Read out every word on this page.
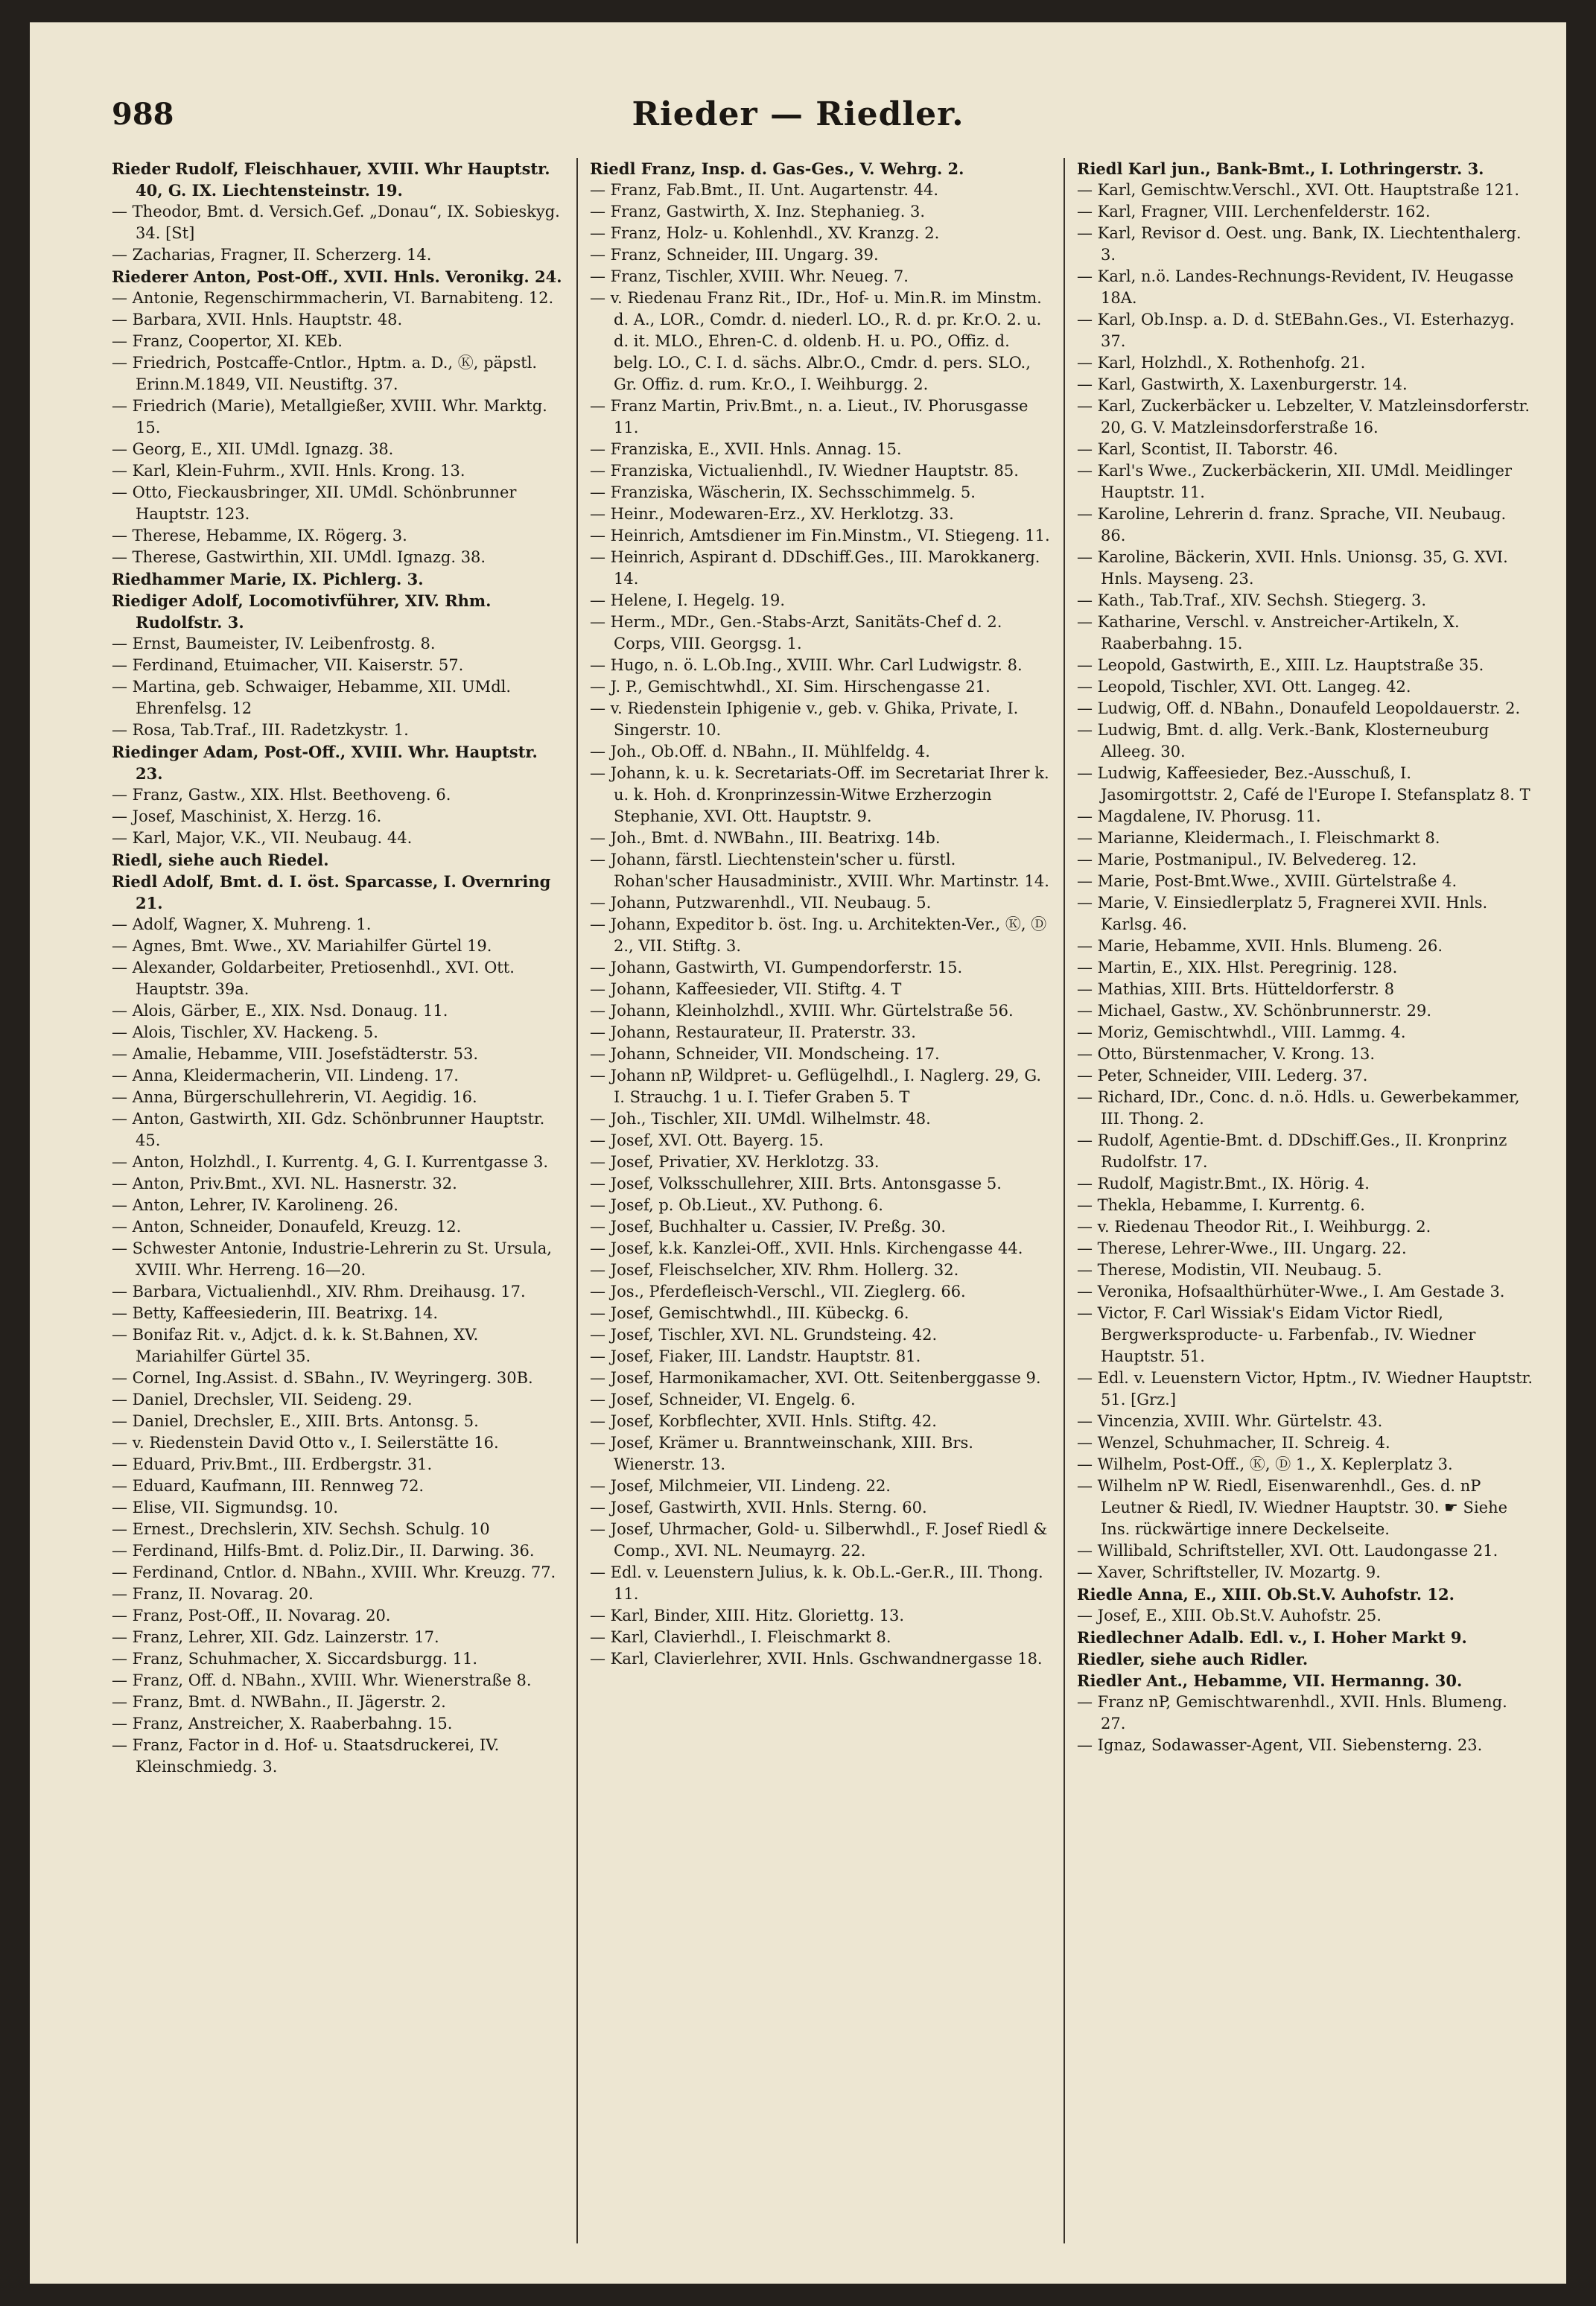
988	Rieder — Riedler.
Rieder Rudolf, Fleischhauer, XVIII. Whr Hauptstr. 40, G. IX. Liechtensteinstr. 19.
— Theodor, Bmt. d. Versich.Gef. „Donau“, IX. Sobieskyg. 34. [St]
— Zacharias, Fragner, II. Scherzerg. 14.
Riederer Anton, Post-Off., XVII. Hnls. Veronikg. 24.
— Antonie, Regenschirmmacherin, VI. Barnabiteng. 12.
— Barbara, XVII. Hnls. Hauptstr. 48.
— Franz, Coopertor, XI. KEb.
— Friedrich, Postcaffe-Cntlor., Hptm. a. D., Ⓚ, päpstl. Erinn.M.1849, VII. Neustiftg. 37.
— Friedrich (Marie), Metallgießer, XVIII. Whr. Marktg. 15.
— Georg, E., XII. UMdl. Ignazg. 38.
— Karl, Klein-Fuhrm., XVII. Hnls. Krong. 13.
— Otto, Fieckausbringer, XII. UMdl. Schönbrunner Hauptstr. 123.
— Therese, Hebamme, IX. Rögerg. 3.
— Therese, Gastwirthin, XII. UMdl. Ignazg. 38.
Riedhammer Marie, IX. Pichlerg. 3.
Riediger Adolf, Locomotivführer, XIV. Rhm. Rudolfstr. 3.
— Ernst, Baumeister, IV. Leibenfrostg. 8.
— Ferdinand, Etuimacher, VII. Kaiserstr. 57.
— Martina, geb. Schwaiger, Hebamme, XII. UMdl. Ehrenfelsg. 12
— Rosa, Tab.Traf., III. Radetzkystr. 1.
Riedinger Adam, Post-Off., XVIII. Whr. Hauptstr. 23.
— Franz, Gastw., XIX. Hlst. Beethoveng. 6.
— Josef, Maschinist, X. Herzg. 16.
— Karl, Major, V.K., VII. Neubaug. 44.
Riedl, siehe auch Riedel.
Riedl Adolf, Bmt. d. I. öst. Sparcasse, I. Overnring 21.
— Adolf, Wagner, X. Muhreng. 1.
— Agnes, Bmt. Wwe., XV. Mariahilfer Gürtel 19.
— Alexander, Goldarbeiter, Pretiosenhdl., XVI. Ott. Hauptstr. 39a.
— Alois, Gärber, E., XIX. Nsd. Donaug. 11.
— Alois, Tischler, XV. Hackeng. 5.
— Amalie, Hebamme, VIII. Josefstädterstr. 53.
— Anna, Kleidermacherin, VII. Lindeng. 17.
— Anna, Bürgerschullehrerin, VI. Aegidig. 16.
— Anton, Gastwirth, XII. Gdz. Schönbrunner Hauptstr. 45.
— Anton, Holzhdl., I. Kurrentg. 4, G. I. Kurrentgasse 3.
— Anton, Priv.Bmt., XVI. NL. Hasnerstr. 32.
— Anton, Lehrer, IV. Karolineng. 26.
— Anton, Schneider, Donaufeld, Kreuzg. 12.
— Schwester Antonie, Industrie-Lehrerin zu St. Ursula, XVIII. Whr. Herreng. 16—20.
— Barbara, Victualienhdl., XIV. Rhm. Dreihausg. 17.
— Betty, Kaffeesiederin, III. Beatrixg. 14.
— Bonifaz Rit. v., Adjct. d. k. k. St.Bahnen, XV. Mariahilfer Gürtel 35.
— Cornel, Ing.Assist. d. SBahn., IV. Weyringerg. 30B.
— Daniel, Drechsler, VII. Seideng. 29.
— Daniel, Drechsler, E., XIII. Brts. Antonsg. 5.
— v. Riedenstein David Otto v., I. Seilerstätte 16.
— Eduard, Priv.Bmt., III. Erdbergstr. 31.
— Eduard, Kaufmann, III. Rennweg 72.
— Elise, VII. Sigmundsg. 10.
— Ernest., Drechslerin, XIV. Sechsh. Schulg. 10
— Ferdinand, Hilfs-Bmt. d. Poliz.Dir., II. Darwing. 36.
— Ferdinand, Cntlor. d. NBahn., XVIII. Whr. Kreuzg. 77.
— Franz, II. Novarag. 20.
— Franz, Post-Off., II. Novarag. 20.
— Franz, Lehrer, XII. Gdz. Lainzerstr. 17.
— Franz, Schuhmacher, X. Siccardsburgg. 11.
— Franz, Off. d. NBahn., XVIII. Whr. Wienerstraße 8.
— Franz, Bmt. d. NWBahn., II. Jägerstr. 2.
— Franz, Anstreicher, X. Raaberbahng. 15.
— Franz, Factor in d. Hof- u. Staatsdruckerei, IV. Kleinschmiedg. 3.
Riedl Franz, Insp. d. Gas-Ges., V. Wehrg. 2.
— Franz, Fab.Bmt., II. Unt. Augartenstr. 44.
— Franz, Gastwirth, X. Inz. Stephanieg. 3.
— Franz, Holz- u. Kohlenhdl., XV. Kranzg. 2.
— Franz, Schneider, III. Ungarg. 39.
— Franz, Tischler, XVIII. Whr. Neueg. 7.
— v. Riedenau Franz Rit., IDr., Hof- u. Min.R. im Minstm. d. A., LOR., Comdr. d. niederl. LO., R. d. pr. Kr.O. 2. u. d. it. MLO., Ehren-C. d. oldenb. H. u. PO., Offiz. d. belg. LO., C. I. d. sächs. Albr.O., Cmdr. d. pers. SLO., Gr. Offiz. d. rum. Kr.O., I. Weihburgg. 2.
— Franz Martin, Priv.Bmt., n. a. Lieut., IV. Phorusgasse 11.
— Franziska, E., XVII. Hnls. Annag. 15.
— Franziska, Victualienhdl., IV. Wiedner Hauptstr. 85.
— Franziska, Wäscherin, IX. Sechsschimmelg. 5.
— Heinr., Modewaren-Erz., XV. Herklotzg. 33.
— Heinrich, Amtsdiener im Fin.Minstm., VI. Stiegeng. 11.
— Heinrich, Aspirant d. DDschiff.Ges., III. Marokkanerg. 14.
— Helene, I. Hegelg. 19.
— Herm., MDr., Gen.-Stabs-Arzt, Sanitäts-Chef d. 2. Corps, VIII. Georgsg. 1.
— Hugo, n. ö. L.Ob.Ing., XVIII. Whr. Carl Ludwigstr. 8.
— J. P., Gemischtwhdl., XI. Sim. Hirschengasse 21.
— v. Riedenstein Iphigenie v., geb. v. Ghika, Private, I. Singerstr. 10.
— Joh., Ob.Off. d. NBahn., II. Mühlfeldg. 4.
— Johann, k. u. k. Secretariats-Off. im Secretariat Ihrer k. u. k. Hoh. d. Kronprinzessin-Witwe Erzherzogin Stephanie, XVI. Ott. Hauptstr. 9.
— Joh., Bmt. d. NWBahn., III. Beatrixg. 14b.
— Johann, färstl. Liechtenstein'scher u. fürstl. Rohan'scher Hausadministr., XVIII. Whr. Martinstr. 14.
— Johann, Putzwarenhdl., VII. Neubaug. 5.
— Johann, Expeditor b. öst. Ing. u. Architekten-Ver., Ⓚ, Ⓓ 2., VII. Stiftg. 3.
— Johann, Gastwirth, VI. Gumpendorferstr. 15.
— Johann, Kaffeesieder, VII. Stiftg. 4. T
— Johann, Kleinholzhdl., XVIII. Whr. Gürtelstraße 56.
— Johann, Restaurateur, II. Praterstr. 33.
— Johann, Schneider, VII. Mondscheing. 17.
— Johann nP, Wildpret- u. Geflügelhdl., I. Naglerg. 29, G. I. Strauchg. 1 u. I. Tiefer Graben 5. T
— Joh., Tischler, XII. UMdl. Wilhelmstr. 48.
— Josef, XVI. Ott. Bayerg. 15.
— Josef, Privatier, XV. Herklotzg. 33.
— Josef, Volksschullehrer, XIII. Brts. Antonsgasse 5.
— Josef, p. Ob.Lieut., XV. Puthong. 6.
— Josef, Buchhalter u. Cassier, IV. Preßg. 30.
— Josef, k.k. Kanzlei-Off., XVII. Hnls. Kirchengasse 44.
— Josef, Fleischselcher, XIV. Rhm. Hollerg. 32.
— Jos., Pferdefleisch-Verschl., VII. Zieglerg. 66.
— Josef, Gemischtwhdl., III. Kübeckg. 6.
— Josef, Tischler, XVI. NL. Grundsteing. 42.
— Josef, Fiaker, III. Landstr. Hauptstr. 81.
— Josef, Harmonikamacher, XVI. Ott. Seitenberggasse 9.
— Josef, Schneider, VI. Engelg. 6.
— Josef, Korbflechter, XVII. Hnls. Stiftg. 42.
— Josef, Krämer u. Branntweinschank, XIII. Brs. Wienerstr. 13.
— Josef, Milchmeier, VII. Lindeng. 22.
— Josef, Gastwirth, XVII. Hnls. Sterng. 60.
— Josef, Uhrmacher, Gold- u. Silberwhdl., F. Josef Riedl & Comp., XVI. NL. Neumayrg. 22.
— Edl. v. Leuenstern Julius, k. k. Ob.L.-Ger.R., III. Thong. 11.
— Karl, Binder, XIII. Hitz. Gloriettg. 13.
— Karl, Clavierhdl., I. Fleischmarkt 8.
— Karl, Clavierlehrer, XVII. Hnls. Gschwandnergasse 18.
Riedl Karl jun., Bank-Bmt., I. Lothringerstr. 3.
— Karl, Gemischtw.Verschl., XVI. Ott. Hauptstraße 121.
— Karl, Fragner, VIII. Lerchenfelderstr. 162.
— Karl, Revisor d. Oest. ung. Bank, IX. Liechtenthalerg. 3.
— Karl, n.ö. Landes-Rechnungs-Revident, IV. Heugasse 18A.
— Karl, Ob.Insp. a. D. d. StEBahn.Ges., VI. Esterhazyg. 37.
— Karl, Holzhdl., X. Rothenhofg. 21.
— Karl, Gastwirth, X. Laxenburgerstr. 14.
— Karl, Zuckerbäcker u. Lebzelter, V. Matzleinsdorferstr. 20, G. V. Matzleinsdorferstraße 16.
— Karl, Scontist, II. Taborstr. 46.
— Karl's Wwe., Zuckerbäckerin, XII. UMdl. Meidlinger Hauptstr. 11.
— Karoline, Lehrerin d. franz. Sprache, VII. Neubaug. 86.
— Karoline, Bäckerin, XVII. Hnls. Unionsg. 35, G. XVI. Hnls. Mayseng. 23.
— Kath., Tab.Traf., XIV. Sechsh. Stiegerg. 3.
— Katharine, Verschl. v. Anstreicher-Artikeln, X. Raaberbahng. 15.
— Leopold, Gastwirth, E., XIII. Lz. Hauptstraße 35.
— Leopold, Tischler, XVI. Ott. Langeg. 42.
— Ludwig, Off. d. NBahn., Donaufeld Leopoldauerstr. 2.
— Ludwig, Bmt. d. allg. Verk.-Bank, Klosterneuburg Alleeg. 30.
— Ludwig, Kaffeesieder, Bez.-Ausschuß, I. Jasomirgottstr. 2, Café de l'Europe I. Stefansplatz 8. T
— Magdalene, IV. Phorusg. 11.
— Marianne, Kleidermach., I. Fleischmarkt 8.
— Marie, Postmanipul., IV. Belvedereg. 12.
— Marie, Post-Bmt.Wwe., XVIII. Gürtelstraße 4.
— Marie, V. Einsiedlerplatz 5, Fragnerei XVII. Hnls. Karlsg. 46.
— Marie, Hebamme, XVII. Hnls. Blumeng. 26.
— Martin, E., XIX. Hlst. Peregrinig. 128.
— Mathias, XIII. Brts. Hütteldorferstr. 8
— Michael, Gastw., XV. Schönbrunnerstr. 29.
— Moriz, Gemischtwhdl., VIII. Lammg. 4.
— Otto, Bürstenmacher, V. Krong. 13.
— Peter, Schneider, VIII. Lederg. 37.
— Richard, IDr., Conc. d. n.ö. Hdls. u. Gewerbekammer, III. Thong. 2.
— Rudolf, Agentie-Bmt. d. DDschiff.Ges., II. Kronprinz Rudolfstr. 17.
— Rudolf, Magistr.Bmt., IX. Hörig. 4.
— Thekla, Hebamme, I. Kurrentg. 6.
— v. Riedenau Theodor Rit., I. Weihburgg. 2.
— Therese, Lehrer-Wwe., III. Ungarg. 22.
— Therese, Modistin, VII. Neubaug. 5.
— Veronika, Hofsaalthürhüter-Wwe., I. Am Gestade 3.
— Victor, F. Carl Wissiak's Eidam Victor Riedl, Bergwerksproducte- u. Farbenfab., IV. Wiedner Hauptstr. 51.
— Edl. v. Leuenstern Victor, Hptm., IV. Wiedner Hauptstr. 51. [Grz.]
— Vincenzia, XVIII. Whr. Gürtelstr. 43.
— Wenzel, Schuhmacher, II. Schreig. 4.
— Wilhelm, Post-Off., Ⓚ, Ⓓ 1., X. Keplerplatz 3.
— Wilhelm nP W. Riedl, Eisenwarenhdl., Ges. d. nP Leutner & Riedl, IV. Wiedner Hauptstr. 30. ☛ Siehe Ins. rückwärtige innere Deckelseite.
— Willibald, Schriftsteller, XVI. Ott. Laudongasse 21.
— Xaver, Schriftsteller, IV. Mozartg. 9.
Riedle Anna, E., XIII. Ob.St.V. Auhofstr. 12.
— Josef, E., XIII. Ob.St.V. Auhofstr. 25.
Riedlechner Adalb. Edl. v., I. Hoher Markt 9.
Riedler, siehe auch Ridler.
Riedler Ant., Hebamme, VII. Hermanng. 30.
— Franz nP, Gemischtwarenhdl., XVII. Hnls. Blumeng. 27.
— Ignaz, Sodawasser-Agent, VII. Siebensterng. 23.
